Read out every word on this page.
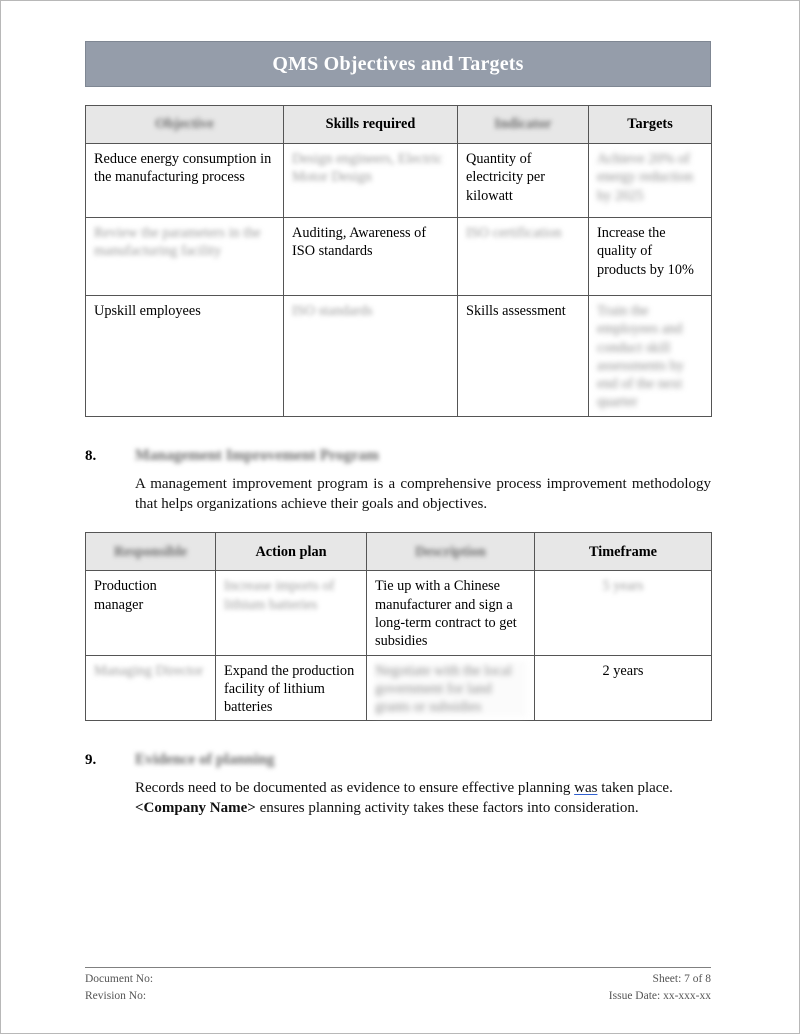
QMS Objectives and Targets
Objective	Skills required	Indicator	Targets
Reduce energy consumption in the manufacturing process	Design engineers, Electric Motor Design	Quantity of electricity per kilowatt	Achieve 20% of energy reduction by 2025
Review the parameters in the manufacturing facility	Auditing, Awareness of ISO standards	ISO certification	Increase the quality of products by 10%
Upskill employees	ISO standards	Skills assessment	Train the employees and conduct skill assessments by end of the next quarter
8.	Management Improvement Program
A management improvement program is a comprehensive process improvement methodology that helps organizations achieve their goals and objectives.
Responsible	Action plan	Description	Timeframe
Production manager	Increase imports of lithium batteries	Tie up with a Chinese manufacturer and sign a long-term contract to get subsidies	5 years
Managing Director	Expand the production facility of lithium batteries	Negotiate with the local government for land grants or subsidies	2 years
9.	Evidence of planning
Records need to be documented as evidence to ensure effective planning was taken place. <Company Name> ensures planning activity takes these factors into consideration.
Document No:
Revision No:
Sheet: 7 of 8
Issue Date: xx-xxx-xx
